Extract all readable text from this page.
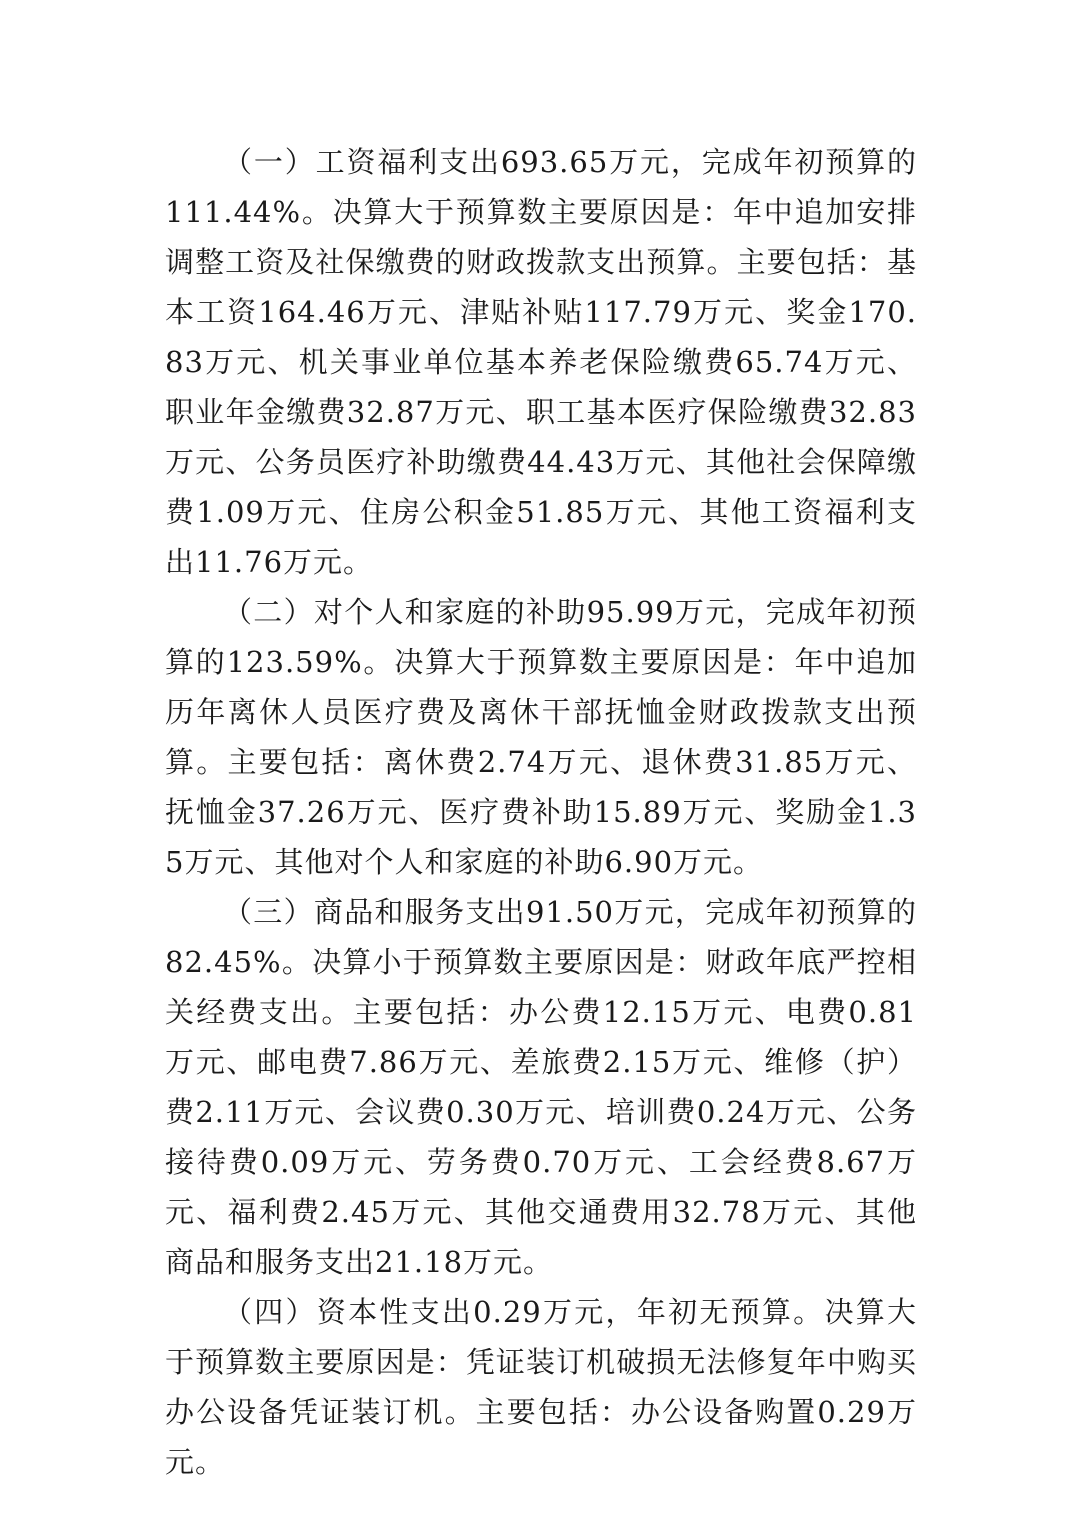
（一）工资福利支出693.65万元，完成年初预算的111.44%。决算大于预算数主要原因是：年中追加安排调整工资及社保缴费的财政拨款支出预算。主要包括：基本工资164.46万元、津贴补贴117.79万元、奖金170.83万元、机关事业单位基本养老保险缴费65.74万元、职业年金缴费32.87万元、职工基本医疗保险缴费32.83万元、公务员医疗补助缴费44.43万元、其他社会保障缴费1.09万元、住房公积金51.85万元、其他工资福利支出11.76万元。

（二）对个人和家庭的补助95.99万元，完成年初预算的123.59%。决算大于预算数主要原因是：年中追加历年离休人员医疗费及离休干部抚恤金财政拨款支出预算。主要包括：离休费2.74万元、退休费31.85万元、抚恤金37.26万元、医疗费补助15.89万元、奖励金1.35万元、其他对个人和家庭的补助6.90万元。

（三）商品和服务支出91.50万元，完成年初预算的82.45%。决算小于预算数主要原因是：财政年底严控相关经费支出。主要包括：办公费12.15万元、电费0.81万元、邮电费7.86万元、差旅费2.15万元、维修（护）费2.11万元、会议费0.30万元、培训费0.24万元、公务接待费0.09万元、劳务费0.70万元、工会经费8.67万元、福利费2.45万元、其他交通费用32.78万元、其他商品和服务支出21.18万元。

（四）资本性支出0.29万元，年初无预算。决算大于预算数主要原因是：凭证装订机破损无法修复年中购买办公设备凭证装订机。主要包括：办公设备购置0.29万元。
